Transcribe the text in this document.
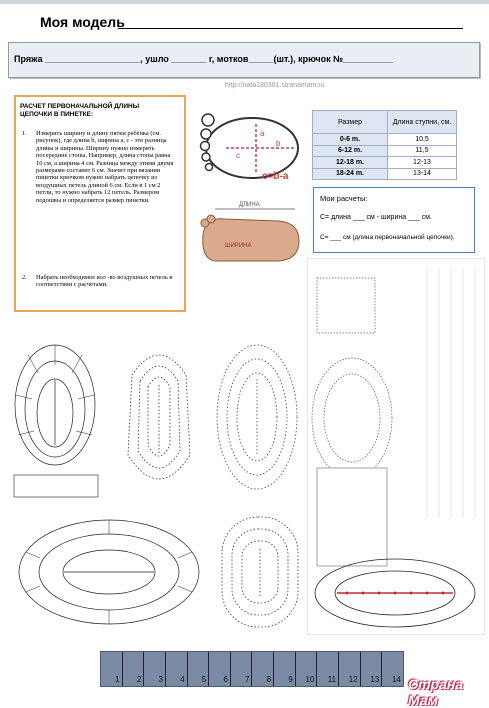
Моя модель
Пряжа ___________________, ушло _______ г, мотков_____(шт.), крючок №__________
http://nata180381.stranamam.ru
РАСЧЕТ ПЕРВОНАЧАЛЬНОЙ ДЛИНЫ ЦЕПОЧКИ В ПИНЕТКЕ:
1. Измерить ширину и длину пятки ребёнка (см. рисунок), где длина b, ширина a, c - это разница длины и ширины. Ширину нужно измерять посередине стопы. Например, длина стопы равна 10 см, а ширина 4 см. Разница между этими двумя размерами составит 6 см. Значит при вязании пинетки крючком нужно набрать цепочку из воздушных петель длиной 6 см. Если в 1 см 2 петли, то нужно набрать 12 петель. Размером подошвы и определяется размер пинетки.
2. Набрать необходимое кол -во воздушных петель в соответствии с расчетами.
a
b
c
c=b-a
ДЛИНА
ШИРИНА
Размер	Длина ступни, см.
0-6 m.	10,5
6-12 m.	11,5
12-18 m.	12-13
18-24 m.	13-14
Мои расчеты:
С= длина ___ см - ширина ___ см.
С= ___ см (длина первоначальной цепочки).
1 2 3 4 5 6 7 8 9 10 11 12 13 14 Страна Мам
